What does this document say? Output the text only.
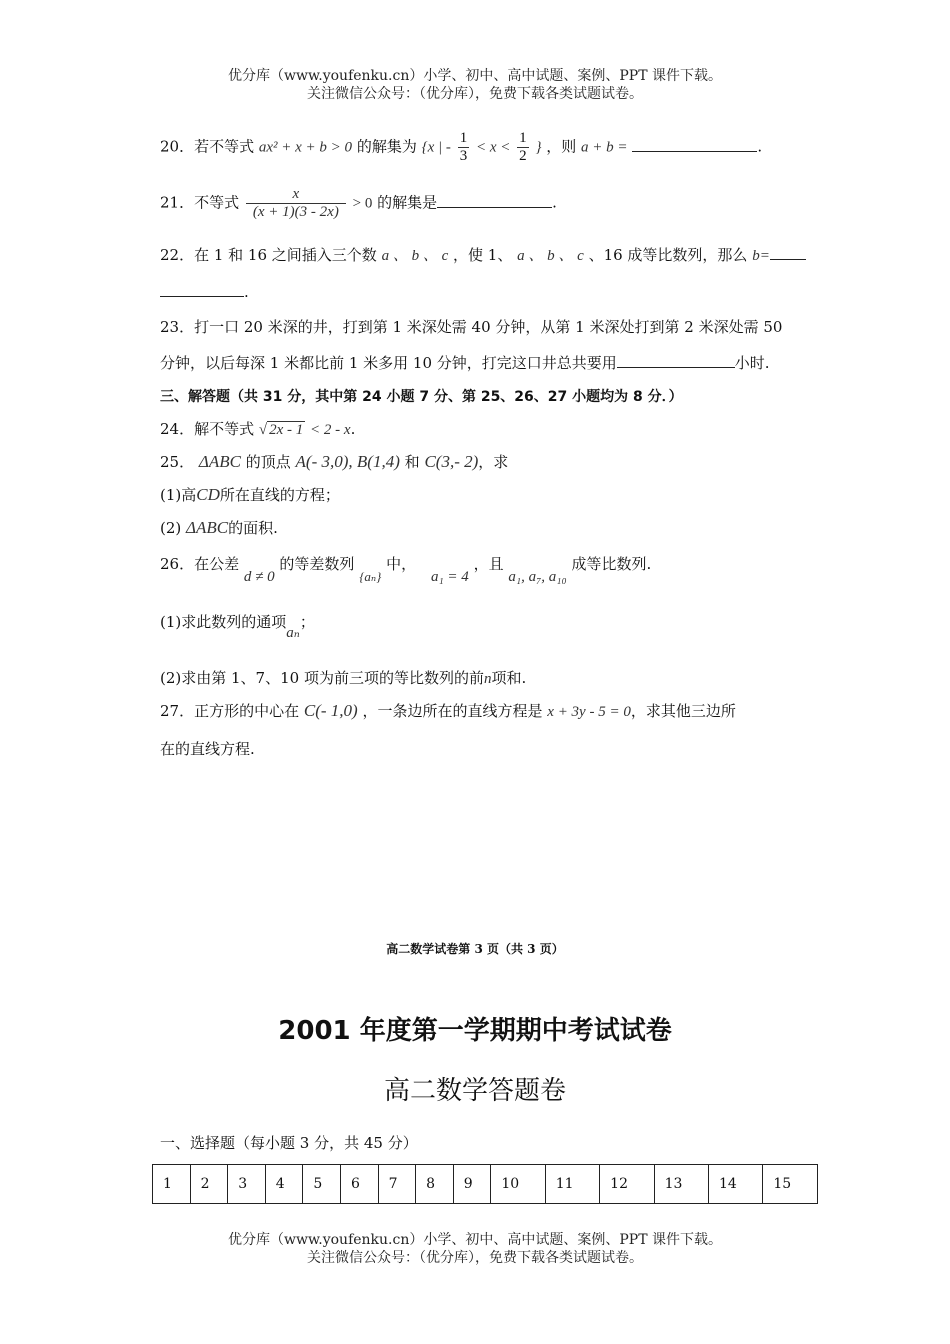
优分库（www.youfenku.cn）小学、初中、高中试题、案例、PPT 课件下载。
关注微信公众号：（优分库），免费下载各类试题试卷。
20．若不等式 ax² + x + b > 0 的解集为 {x | - $\frac{1}{3} < x < \frac{1}{2}$ } ，则 a + b =	.
21．不等式 $\frac{x}{(x + 1)(3 - 2x)} > 0$ 的解集是	.
22．在 1 和 16 之间插入三个数 a 、 b 、 c ，使 1、 a 、 b 、 c 、16 成等比数列，那么 b=
.
23．打一口 20 米深的井，打到第 1 米深处需 40 分钟，从第 1 米深处打到第 2 米深处需 50
分钟，以后每深 1 米都比前 1 米多用 10 分钟，打完这口井总共要用	小时.
三、解答题（共 31 分，其中第 24 小题 7 分、第 25、26、27 小题均为 8 分．）
24．解不等式 √ 2x - 1 < 2 - x.
25． ΔABC 的顶点 A(- 3,0), B(1,4) 和 C(3,- 2)，求
(1)高CD所在直线的方程；
(2) ΔABC的面积.
26．在公差 d ≠ 0 的等差数列 {aₙ} 中， a₁ = 4 ，且 a₁, a₇, a₁₀ 成等比数列.
(1)求此数列的通项aₙ；
(2)求由第 1、7、10 项为前三项的等比数列的前n项和.
27．正方形的中心在 C(- 1,0) ，一条边所在的直线方程是 x + 3y - 5 = 0，求其他三边所
在的直线方程.
高二数学试卷第 3 页（共 3 页）
2001 年度第一学期期中考试试卷
高二数学答题卷
一、选择题（每小题 3 分，共 45 分）
1	2	3	4	5	6	7	8	9	10	11	12	13	14	15
优分库（www.youfenku.cn）小学、初中、高中试题、案例、PPT 课件下载。
关注微信公众号：（优分库），免费下载各类试题试卷。
